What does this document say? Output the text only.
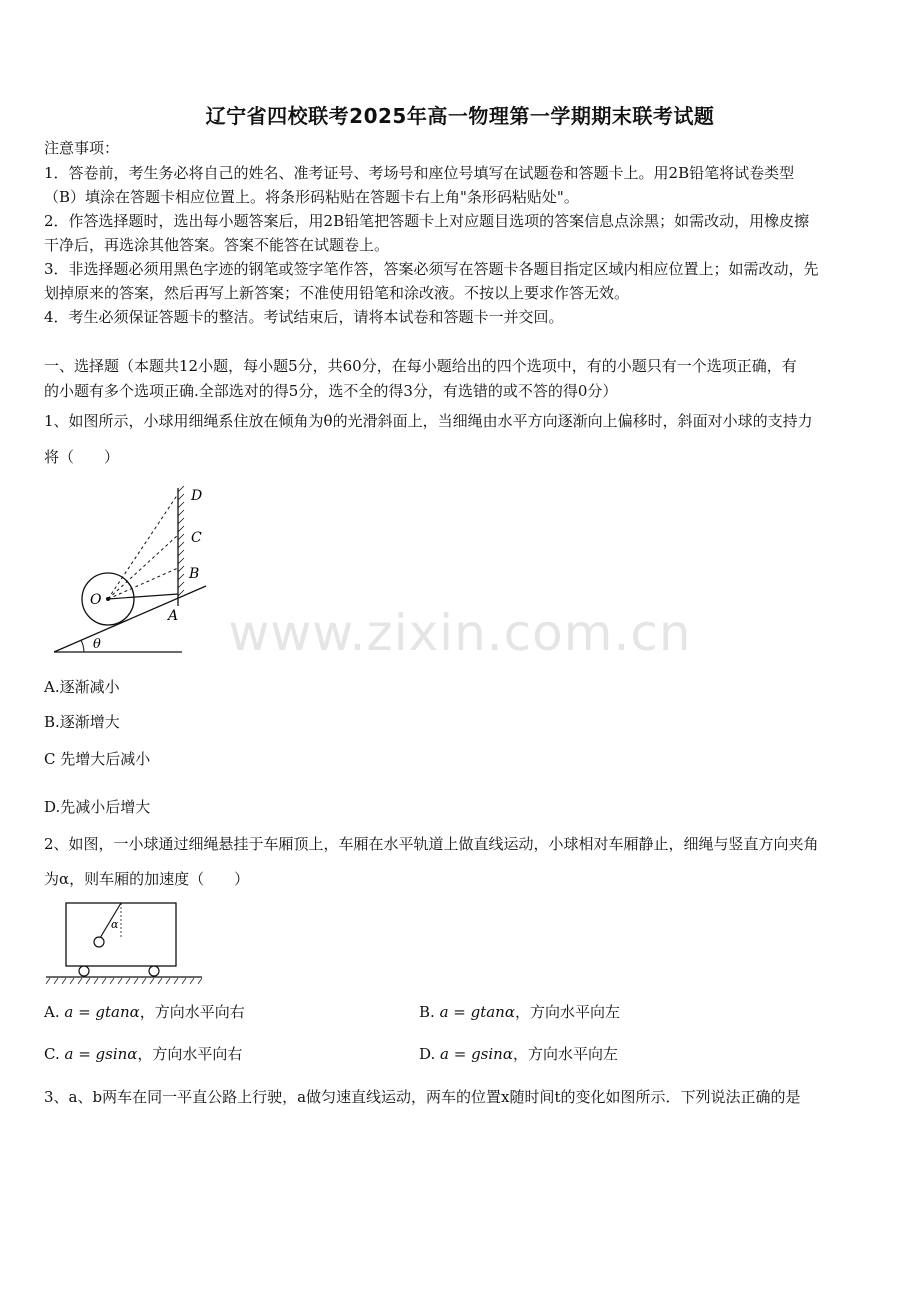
辽宁省四校联考2025年高一物理第一学期期末联考试题
注意事项：
1．答卷前，考生务必将自己的姓名、准考证号、考场号和座位号填写在试题卷和答题卡上。用2B铅笔将试卷类型
（B）填涂在答题卡相应位置上。将条形码粘贴在答题卡右上角"条形码粘贴处"。
2．作答选择题时，选出每小题答案后，用2B铅笔把答题卡上对应题目选项的答案信息点涂黑；如需改动，用橡皮擦
干净后，再选涂其他答案。答案不能答在试题卷上。
3．非选择题必须用黑色字迹的钢笔或签字笔作答，答案必须写在答题卡各题目指定区域内相应位置上；如需改动，先
划掉原来的答案，然后再写上新答案；不准使用铅笔和涂改液。不按以上要求作答无效。
4．考生必须保证答题卡的整洁。考试结束后，请将本试卷和答题卡一并交回。
一、选择题（本题共12小题，每小题5分，共60分，在每小题给出的四个选项中，有的小题只有一个选项正确，有
的小题有多个选项正确.全部选对的得5分，选不全的得3分，有选错的或不答的得0分）
1、如图所示，小球用细绳系住放在倾角为θ的光滑斜面上，当细绳由水平方向逐渐向上偏移时，斜面对小球的支持力
将（　　）
D
C
B
O
A
θ	www.zixin.com.cn
A.逐渐减小
B.逐渐增大
C 先增大后减小
D.先减小后增大
2、如图，一小球通过细绳悬挂于车厢顶上，车厢在水平轨道上做直线运动，小球相对车厢静止，细绳与竖直方向夹角
为α，则车厢的加速度（　　）
α
A. a = gtanα，方向水平向右	B. a = gtanα，方向水平向左
C. a = gsinα，方向水平向右	D. a = gsinα，方向水平向左
3、a、b两车在同一平直公路上行驶，a做匀速直线运动，两车的位置x随时间t的变化如图所示．下列说法正确的是
